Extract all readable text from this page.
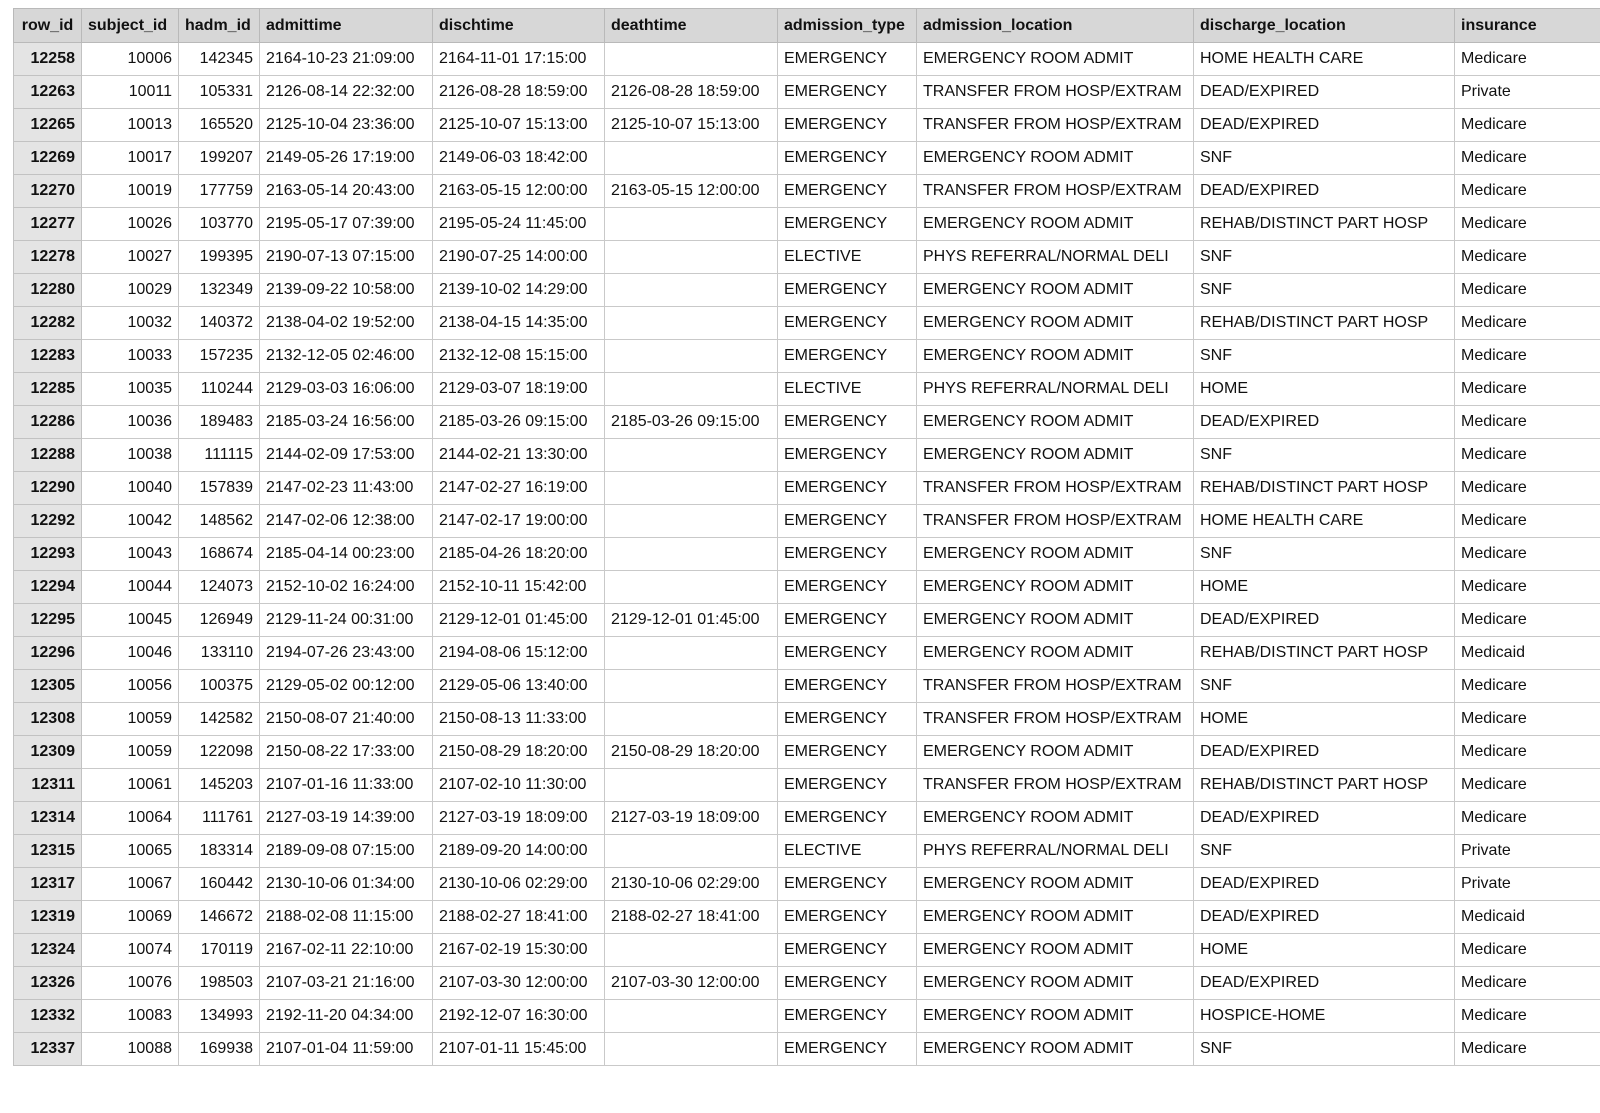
row_id	subject_id	hadm_id	admittime	dischtime	deathtime	admission_type	admission_location	discharge_location	insurance
12258	10006	142345	2164-10-23 21:09:00	2164-11-01 17:15:00		EMERGENCY	EMERGENCY ROOM ADMIT	HOME HEALTH CARE	Medicare
12263	10011	105331	2126-08-14 22:32:00	2126-08-28 18:59:00	2126-08-28 18:59:00	EMERGENCY	TRANSFER FROM HOSP/EXTRAM	DEAD/EXPIRED	Private
12265	10013	165520	2125-10-04 23:36:00	2125-10-07 15:13:00	2125-10-07 15:13:00	EMERGENCY	TRANSFER FROM HOSP/EXTRAM	DEAD/EXPIRED	Medicare
12269	10017	199207	2149-05-26 17:19:00	2149-06-03 18:42:00		EMERGENCY	EMERGENCY ROOM ADMIT	SNF	Medicare
12270	10019	177759	2163-05-14 20:43:00	2163-05-15 12:00:00	2163-05-15 12:00:00	EMERGENCY	TRANSFER FROM HOSP/EXTRAM	DEAD/EXPIRED	Medicare
12277	10026	103770	2195-05-17 07:39:00	2195-05-24 11:45:00		EMERGENCY	EMERGENCY ROOM ADMIT	REHAB/DISTINCT PART HOSP	Medicare
12278	10027	199395	2190-07-13 07:15:00	2190-07-25 14:00:00		ELECTIVE	PHYS REFERRAL/NORMAL DELI	SNF	Medicare
12280	10029	132349	2139-09-22 10:58:00	2139-10-02 14:29:00		EMERGENCY	EMERGENCY ROOM ADMIT	SNF	Medicare
12282	10032	140372	2138-04-02 19:52:00	2138-04-15 14:35:00		EMERGENCY	EMERGENCY ROOM ADMIT	REHAB/DISTINCT PART HOSP	Medicare
12283	10033	157235	2132-12-05 02:46:00	2132-12-08 15:15:00		EMERGENCY	EMERGENCY ROOM ADMIT	SNF	Medicare
12285	10035	110244	2129-03-03 16:06:00	2129-03-07 18:19:00		ELECTIVE	PHYS REFERRAL/NORMAL DELI	HOME	Medicare
12286	10036	189483	2185-03-24 16:56:00	2185-03-26 09:15:00	2185-03-26 09:15:00	EMERGENCY	EMERGENCY ROOM ADMIT	DEAD/EXPIRED	Medicare
12288	10038	111115	2144-02-09 17:53:00	2144-02-21 13:30:00		EMERGENCY	EMERGENCY ROOM ADMIT	SNF	Medicare
12290	10040	157839	2147-02-23 11:43:00	2147-02-27 16:19:00		EMERGENCY	TRANSFER FROM HOSP/EXTRAM	REHAB/DISTINCT PART HOSP	Medicare
12292	10042	148562	2147-02-06 12:38:00	2147-02-17 19:00:00		EMERGENCY	TRANSFER FROM HOSP/EXTRAM	HOME HEALTH CARE	Medicare
12293	10043	168674	2185-04-14 00:23:00	2185-04-26 18:20:00		EMERGENCY	EMERGENCY ROOM ADMIT	SNF	Medicare
12294	10044	124073	2152-10-02 16:24:00	2152-10-11 15:42:00		EMERGENCY	EMERGENCY ROOM ADMIT	HOME	Medicare
12295	10045	126949	2129-11-24 00:31:00	2129-12-01 01:45:00	2129-12-01 01:45:00	EMERGENCY	EMERGENCY ROOM ADMIT	DEAD/EXPIRED	Medicare
12296	10046	133110	2194-07-26 23:43:00	2194-08-06 15:12:00		EMERGENCY	EMERGENCY ROOM ADMIT	REHAB/DISTINCT PART HOSP	Medicaid
12305	10056	100375	2129-05-02 00:12:00	2129-05-06 13:40:00		EMERGENCY	TRANSFER FROM HOSP/EXTRAM	SNF	Medicare
12308	10059	142582	2150-08-07 21:40:00	2150-08-13 11:33:00		EMERGENCY	TRANSFER FROM HOSP/EXTRAM	HOME	Medicare
12309	10059	122098	2150-08-22 17:33:00	2150-08-29 18:20:00	2150-08-29 18:20:00	EMERGENCY	EMERGENCY ROOM ADMIT	DEAD/EXPIRED	Medicare
12311	10061	145203	2107-01-16 11:33:00	2107-02-10 11:30:00		EMERGENCY	TRANSFER FROM HOSP/EXTRAM	REHAB/DISTINCT PART HOSP	Medicare
12314	10064	111761	2127-03-19 14:39:00	2127-03-19 18:09:00	2127-03-19 18:09:00	EMERGENCY	EMERGENCY ROOM ADMIT	DEAD/EXPIRED	Medicare
12315	10065	183314	2189-09-08 07:15:00	2189-09-20 14:00:00		ELECTIVE	PHYS REFERRAL/NORMAL DELI	SNF	Private
12317	10067	160442	2130-10-06 01:34:00	2130-10-06 02:29:00	2130-10-06 02:29:00	EMERGENCY	EMERGENCY ROOM ADMIT	DEAD/EXPIRED	Private
12319	10069	146672	2188-02-08 11:15:00	2188-02-27 18:41:00	2188-02-27 18:41:00	EMERGENCY	EMERGENCY ROOM ADMIT	DEAD/EXPIRED	Medicaid
12324	10074	170119	2167-02-11 22:10:00	2167-02-19 15:30:00		EMERGENCY	EMERGENCY ROOM ADMIT	HOME	Medicare
12326	10076	198503	2107-03-21 21:16:00	2107-03-30 12:00:00	2107-03-30 12:00:00	EMERGENCY	EMERGENCY ROOM ADMIT	DEAD/EXPIRED	Medicare
12332	10083	134993	2192-11-20 04:34:00	2192-12-07 16:30:00		EMERGENCY	EMERGENCY ROOM ADMIT	HOSPICE-HOME	Medicare
12337	10088	169938	2107-01-04 11:59:00	2107-01-11 15:45:00		EMERGENCY	EMERGENCY ROOM ADMIT	SNF	Medicare
